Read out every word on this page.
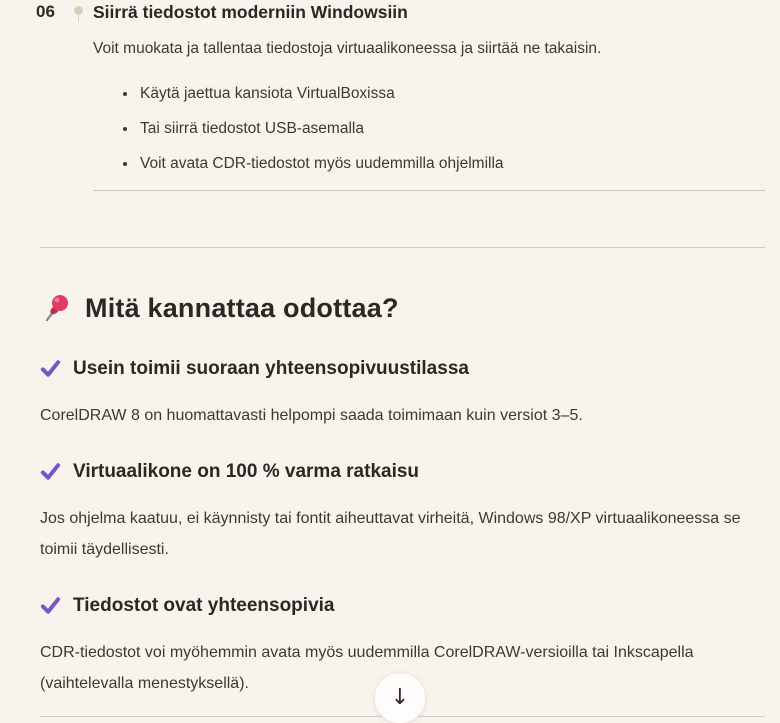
06	Siirrä tiedostot moderniin Windowsiin

Voit muokata ja tallentaa tiedostoja virtuaalikoneessa ja siirtää ne takaisin.

Käytä jaettua kansiota VirtualBoxissa
Tai siirrä tiedostot USB-asemalla
Voit avata CDR-tiedostot myös uudemmilla ohjelmilla
Mitä kannattaa odottaa?
Usein toimii suoraan yhteensopivuustilassa

CorelDRAW 8 on huomattavasti helpompi saada toimimaan kuin versiot 3–5.

Virtuaalikone on 100 % varma ratkaisu

Jos ohjelma kaatuu, ei käynnisty tai fontit aiheuttavat virheitä, Windows 98/XP virtuaalikoneessa se toimii täydellisesti.

Tiedostot ovat yhteensopivia

CDR-tiedostot voi myöhemmin avata myös uudemmilla CorelDRAW-versioilla tai Inkscapella (vaihtelevalla menestyksellä).

↓
